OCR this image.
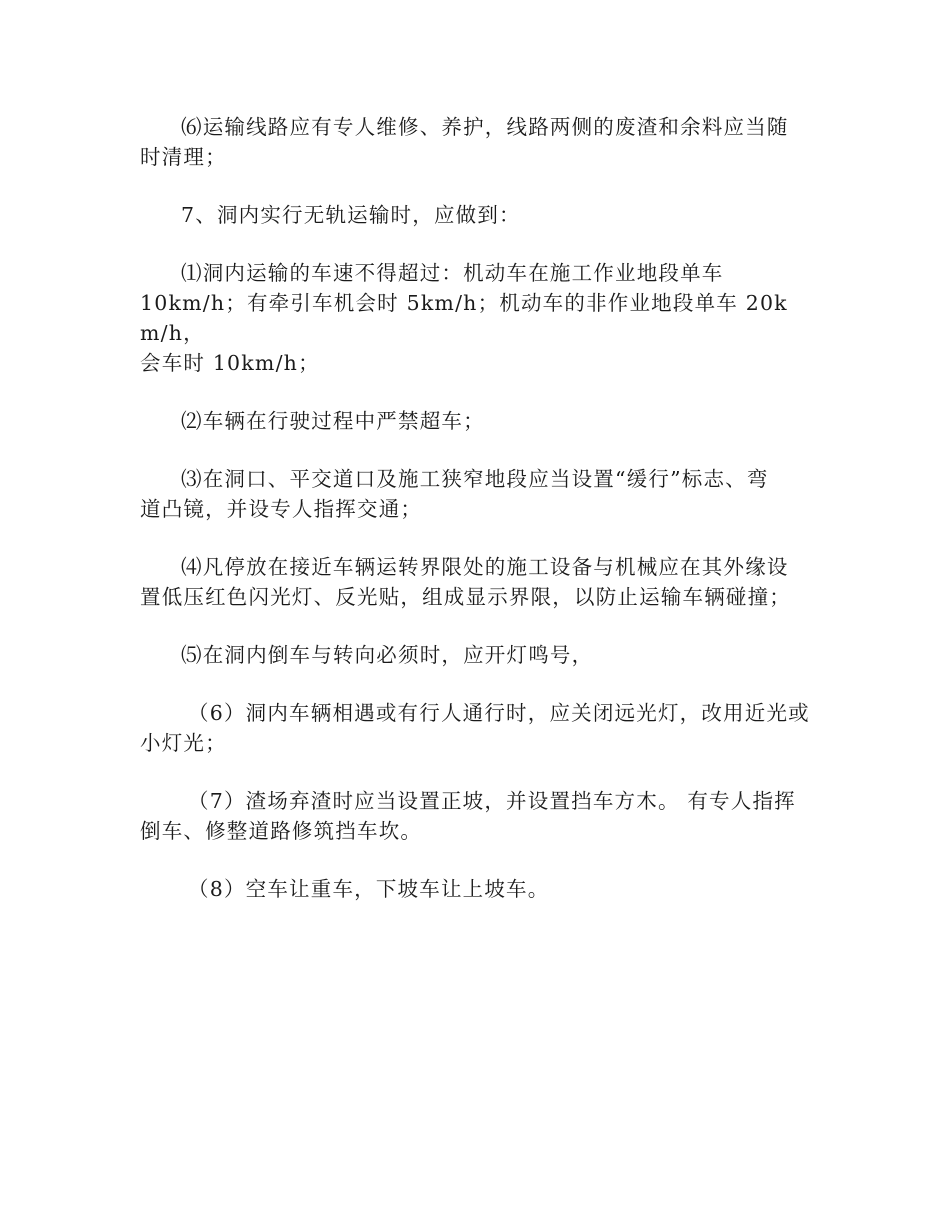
⑹运输线路应有专人维修、养护，线路两侧的废渣和余料应当随
时清理；

7、洞内实行无轨运输时，应做到：

⑴洞内运输的车速不得超过：机动车在施工作业地段单车
10km/h；有牵引车机会时 5km/h；机动车的非作业地段单车 20km/h，
会车时 10km/h；

⑵车辆在行驶过程中严禁超车；

⑶在洞口、平交道口及施工狭窄地段应当设置“缓行”标志、弯
道凸镜，并设专人指挥交通；

⑷凡停放在接近车辆运转界限处的施工设备与机械应在其外缘设
置低压红色闪光灯、反光贴，组成显示界限，以防止运输车辆碰撞；

⑸在洞内倒车与转向必须时，应开灯鸣号，

（6）洞内车辆相遇或有行人通行时，应关闭远光灯，改用近光或
小灯光；

（7）渣场弃渣时应当设置正坡，并设置挡车方木。 有专人指挥
倒车、修整道路修筑挡车坎。

（8）空车让重车，下坡车让上坡车。
